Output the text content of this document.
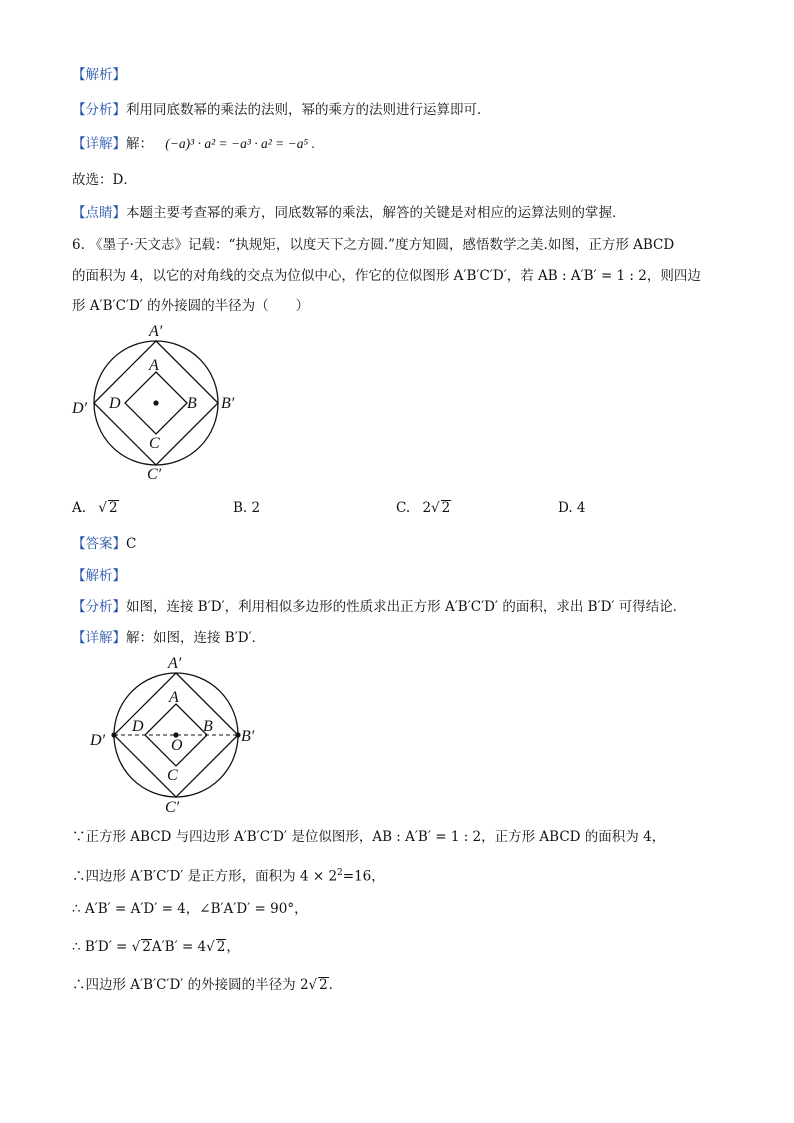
【解析】
【分析】利用同底数幂的乘法的法则，幂的乘方的法则进行运算即可．
【详解】解： (−a)³ · a² = −a³ · a² = −a⁵ .
故选：D．
【点睛】本题主要考查幂的乘方，同底数幂的乘法，解答的关键是对相应的运算法则的掌握．
6. 《墨子·天文志》记载：“执规矩，以度天下之方圆.”度方知圆，感悟数学之美.如图，正方形 ABCD
的面积为 4，以它的对角线的交点为位似中心，作它的位似图形 A′B′C′D′，若 AB : A′B′ = 1 : 2，则四边
形 A′B′C′D′ 的外接圆的半径为（　　）
A′
A
D′ D	B B′
C
C′
A. √ 2	B. 2	C. 2√ 2	D. 4
【答案】C
【解析】
【分析】如图，连接 B′D′，利用相似多边形的性质求出正方形 A′B′C′D′ 的面积，求出 B′D′ 可得结论．
【详解】解：如图，连接 B′D′．
A′
A
D′
D	B
B′
O
C
C′
∵正方形 ABCD 与四边形 A′B′C′D′ 是位似图形，AB : A′B′ = 1 : 2，正方形 ABCD 的面积为 4，
∴四边形 A′B′C′D′ 是正方形，面积为 $4 \times 2^2=16$，
∴ A′B′ = A′D′ = 4，∠B′A′D′ = 90°，
∴ B′D′ = √ 2A′B′ = 4√ 2，
∴四边形 A′B′C′D′ 的外接圆的半径为 2√ 2．
